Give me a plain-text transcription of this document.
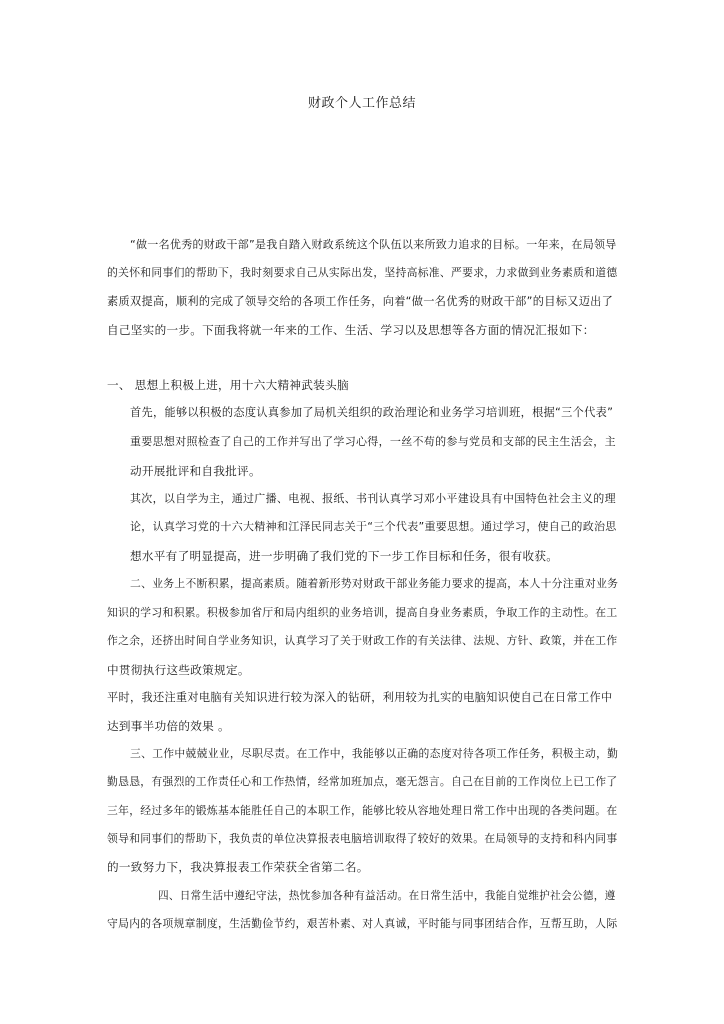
财政个人工作总结
“做一名优秀的财政干部”是我自踏入财政系统这个队伍以来所致力追求的目标。一年来，在局领导
的关怀和同事们的帮助下，我时刻要求自己从实际出发，坚持高标准、严要求，力求做到业务素质和道德
素质双提高，顺利的完成了领导交给的各项工作任务，向着“做一名优秀的财政干部”的目标又迈出了
自己坚实的一步。下面我将就一年来的工作、生活、学习以及思想等各方面的情况汇报如下：
一、 思想上积极上进，用十六大精神武装头脑
首先，能够以积极的态度认真参加了局机关组织的政治理论和业务学习培训班，根据“三个代表”
重要思想对照检查了自己的工作并写出了学习心得，一丝不苟的参与党员和支部的民主生活会，主
动开展批评和自我批评。
其次，以自学为主，通过广播、电视、报纸、书刊认真学习邓小平建设具有中国特色社会主义的理
论，认真学习党的十六大精神和江泽民同志关于“三个代表”重要思想。通过学习，使自己的政治思
想水平有了明显提高，进一步明确了我们党的下一步工作目标和任务，很有收获。
二、业务上不断积累，提高素质。随着新形势对财政干部业务能力要求的提高，本人十分注重对业务
知识的学习和积累。积极参加省厅和局内组织的业务培训，提高自身业务素质，争取工作的主动性。在工
作之余，还挤出时间自学业务知识，认真学习了关于财政工作的有关法律、法规、方针、政策，并在工作
中贯彻执行这些政策规定。
平时，我还注重对电脑有关知识进行较为深入的钻研，利用较为扎实的电脑知识使自己在日常工作中
达到事半功倍的效果 。
三、工作中兢兢业业，尽职尽责。在工作中，我能够以正确的态度对待各项工作任务，积极主动，勤
勤恳恳，有强烈的工作责任心和工作热情，经常加班加点，毫无怨言。自己在目前的工作岗位上已工作了
三年，经过多年的锻炼基本能胜任自己的本职工作，能够比较从容地处理日常工作中出现的各类问题。在
领导和同事们的帮助下，我负责的单位决算报表电脑培训取得了较好的效果。在局领导的支持和科内同事
的一致努力下，我决算报表工作荣获全省第二名。
四、日常生活中遵纪守法，热忱参加各种有益活动。在日常生活中，我能自觉维护社会公德，遵
守局内的各项规章制度，生活勤俭节约，艰苦朴素、对人真诚，平时能与同事团结合作，互帮互助，人际
